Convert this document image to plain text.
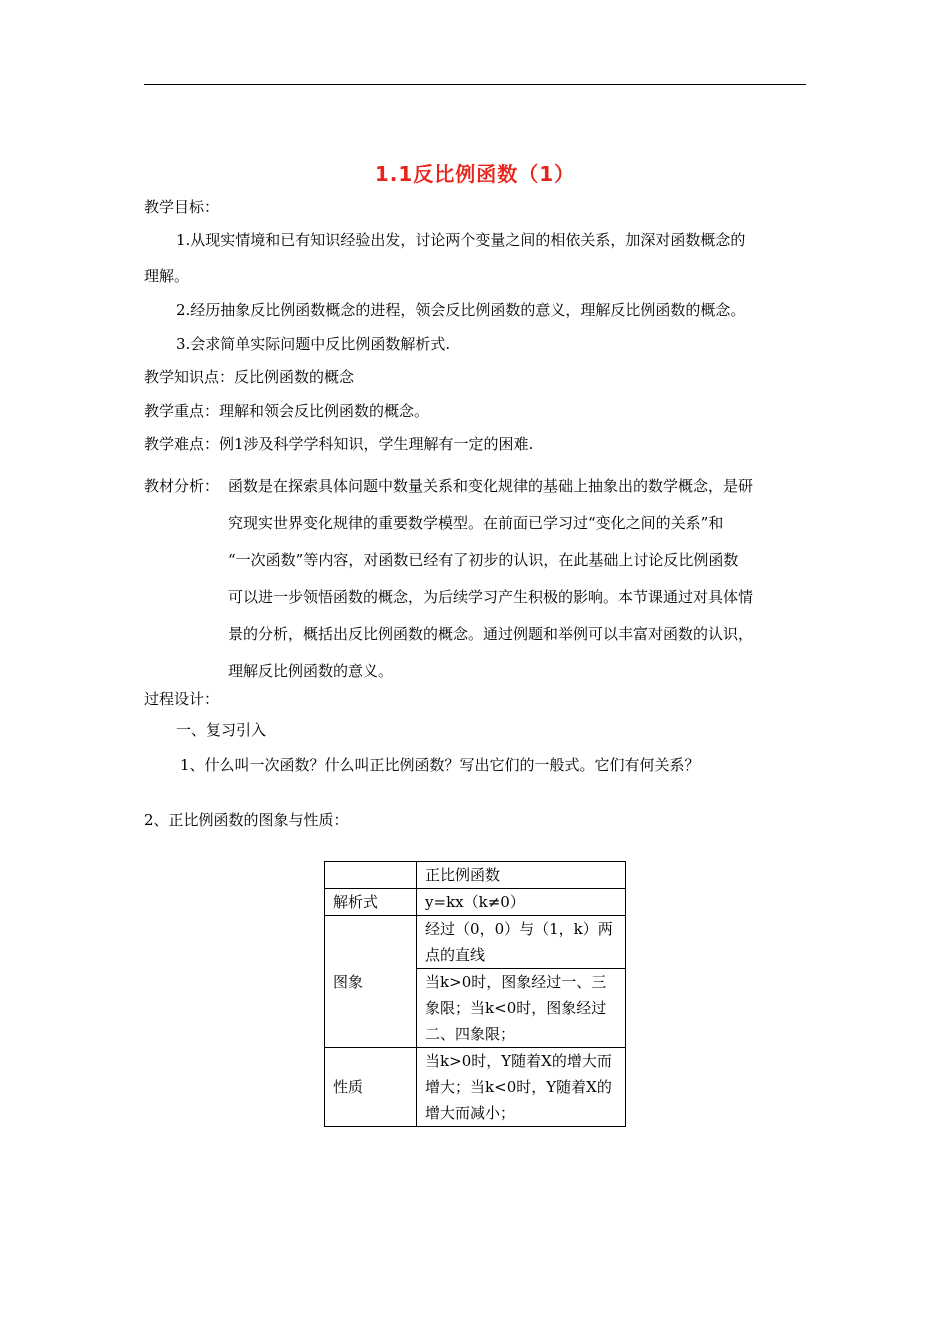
1.1反比例函数（1）
教学目标：
1.从现实情境和已有知识经验出发，讨论两个变量之间的相依关系，加深对函数概念的
理解。
2.经历抽象反比例函数概念的进程，领会反比例函数的意义，理解反比例函数的概念。
3.会求简单实际问题中反比例函数解析式.
教学知识点：反比例函数的概念
教学重点：理解和领会反比例函数的概念。
教学难点：例1涉及科学学科知识，学生理解有一定的困难.
教材分析： 函数是在探索具体问题中数量关系和变化规律的基础上抽象出的数学概念，是研
究现实世界变化规律的重要数学模型。在前面已学习过“变化之间的关系”和
“一次函数”等内容，对函数已经有了初步的认识，在此基础上讨论反比例函数
可以进一步领悟函数的概念，为后续学习产生积极的影响。本节课通过对具体情
景的分析，概括出反比例函数的概念。通过例题和举例可以丰富对函数的认识，
理解反比例函数的意义。
过程设计：
一、复习引入
1、什么叫一次函数？什么叫正比例函数？写出它们的一般式。它们有何关系？
2、正比例函数的图象与性质：
	正比例函数
解析式	y=kx（k≠0）
图象	经过（0，0）与（1，k）两点的直线
	当k>0时，图象经过一、三象限；当k<0时，图象经过二、四象限；
性质	当k>0时，Y随着X的增大而增大；当k<0时，Y随着X的增大而减小；
